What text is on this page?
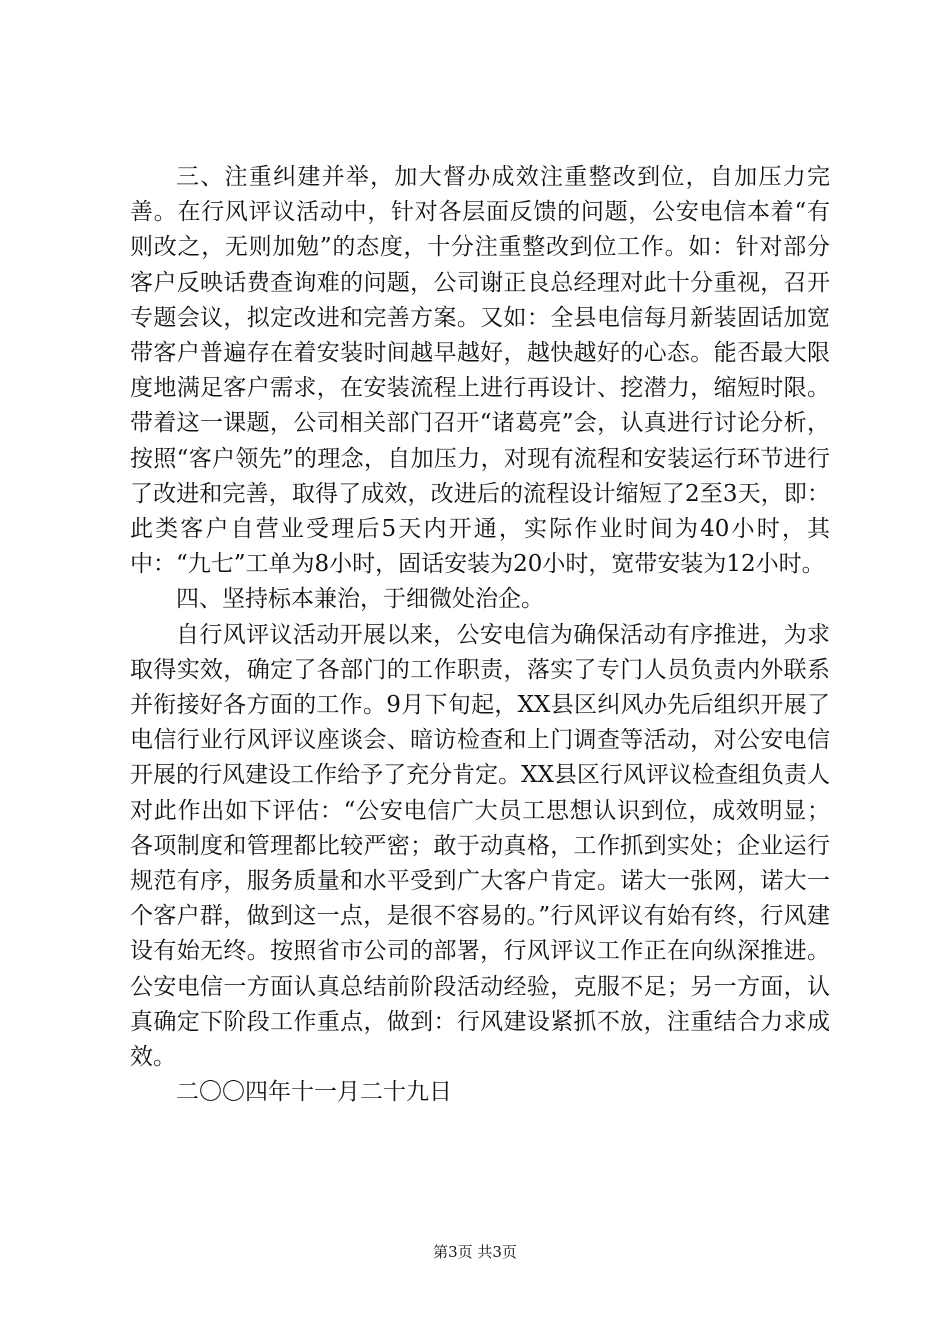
三、注重纠建并举，加大督办成效注重整改到位，自加压力完善。在行风评议活动中，针对各层面反馈的问题，公安电信本着“有则改之，无则加勉”的态度，十分注重整改到位工作。如：针对部分客户反映话费查询难的问题，公司谢正良总经理对此十分重视，召开专题会议，拟定改进和完善方案。又如：全县电信每月新装固话加宽带客户普遍存在着安装时间越早越好，越快越好的心态。能否最大限度地满足客户需求，在安装流程上进行再设计、挖潜力，缩短时限。带着这一课题，公司相关部门召开“诸葛亮”会，认真进行讨论分析，按照“客户领先”的理念，自加压力，对现有流程和安装运行环节进行了改进和完善，取得了成效，改进后的流程设计缩短了2至3天，即：此类客户自营业受理后5天内开通，实际作业时间为40小时，其中：“九七”工单为8小时，固话安装为20小时，宽带安装为12小时。

四、坚持标本兼治，于细微处治企。

自行风评议活动开展以来，公安电信为确保活动有序推进，为求取得实效，确定了各部门的工作职责，落实了专门人员负责内外联系并衔接好各方面的工作。9月下旬起，XX县区纠风办先后组织开展了电信行业行风评议座谈会、暗访检查和上门调查等活动，对公安电信开展的行风建设工作给予了充分肯定。XX县区行风评议检查组负责人对此作出如下评估：“公安电信广大员工思想认识到位，成效明显；各项制度和管理都比较严密；敢于动真格，工作抓到实处；企业运行规范有序，服务质量和水平受到广大客户肯定。诺大一张网，诺大一个客户群，做到这一点，是很不容易的。”行风评议有始有终，行风建设有始无终。按照省市公司的部署，行风评议工作正在向纵深推进。公安电信一方面认真总结前阶段活动经验，克服不足；另一方面，认真确定下阶段工作重点，做到：行风建设紧抓不放，注重结合力求成效。

二〇〇四年十一月二十九日

第3页 共3页
